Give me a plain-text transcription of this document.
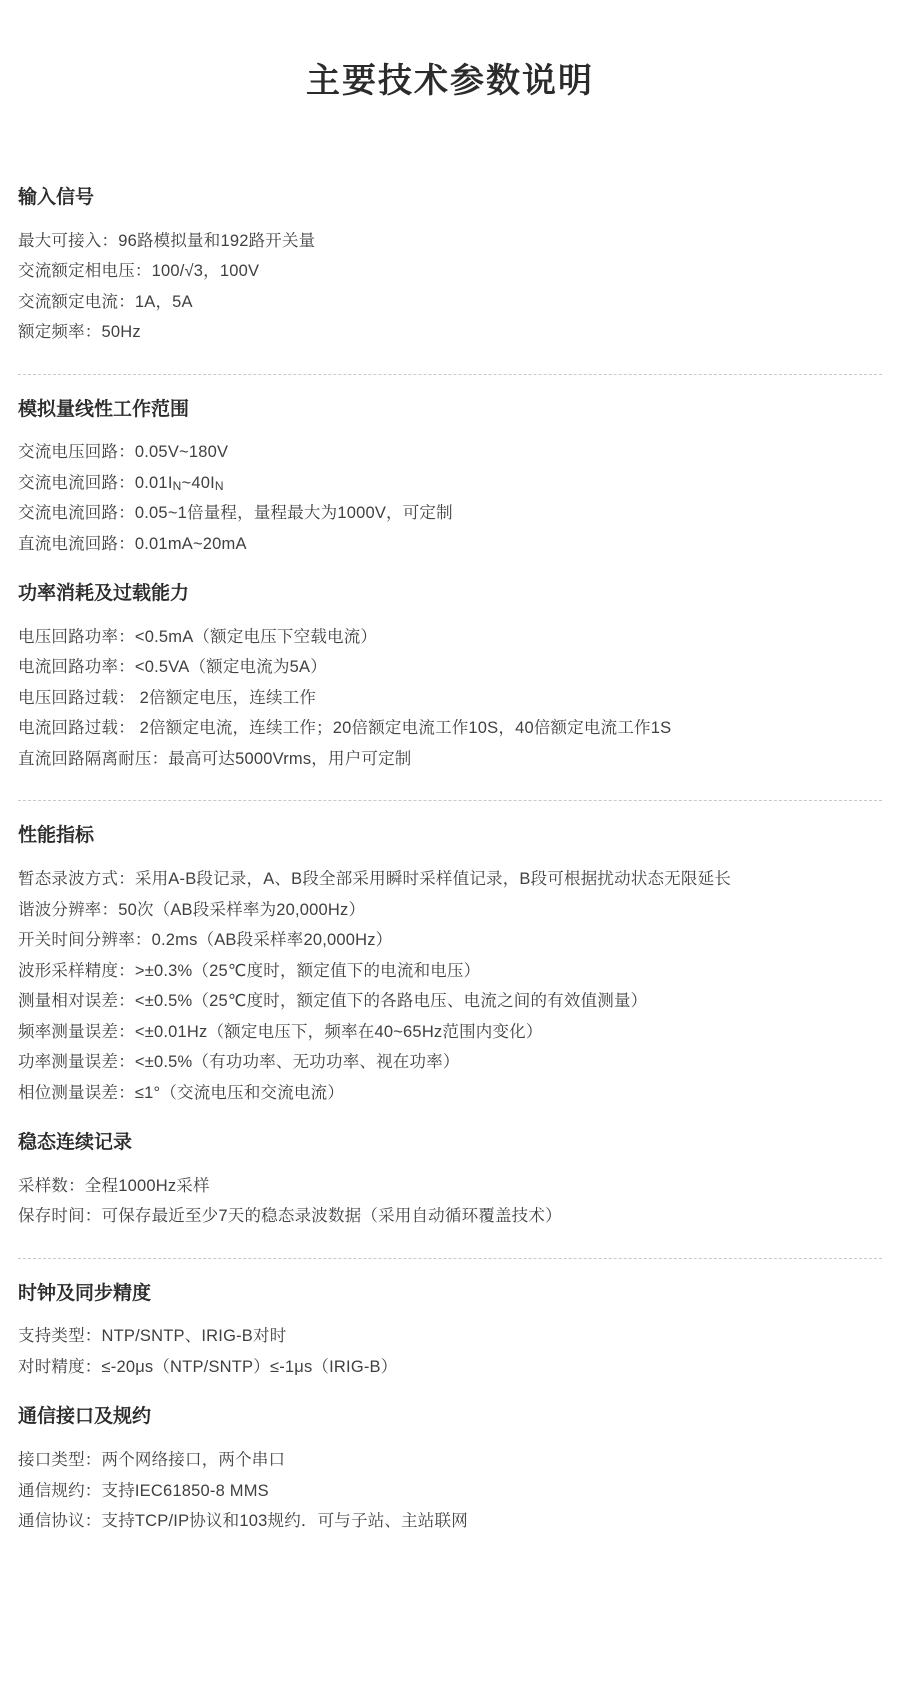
主要技术参数说明
输入信号
最大可接入：96路模拟量和192路开关量
交流额定相电压：100/√3，100V
交流额定电流：1A，5A
额定频率：50Hz
模拟量线性工作范围
交流电压回路：0.05V~180V
交流电流回路：0.01IN~40IN
交流电流回路：0.05~1倍量程，量程最大为1000V，可定制
直流电流回路：0.01mA~20mA
功率消耗及过载能力
电压回路功率：<0.5mA（额定电压下空载电流）
电流回路功率：<0.5VA（额定电流为5A）
电压回路过载： 2倍额定电压，连续工作
电流回路过载： 2倍额定电流，连续工作；20倍额定电流工作10S，40倍额定电流工作1S
直流回路隔离耐压：最高可达5000Vrms，用户可定制
性能指标
暂态录波方式：采用A-B段记录，A、B段全部采用瞬时采样值记录，B段可根据扰动状态无限延长
谐波分辨率：50次（AB段采样率为20,000Hz）
开关时间分辨率：0.2ms（AB段采样率20,000Hz）
波形采样精度：>±0.3%（25℃度时，额定值下的电流和电压）
测量相对误差：<±0.5%（25℃度时，额定值下的各路电压、电流之间的有效值测量）
频率测量误差：<±0.01Hz（额定电压下，频率在40~65Hz范围内变化）
功率测量误差：<±0.5%（有功功率、无功功率、视在功率）
相位测量误差：≤1°（交流电压和交流电流）
稳态连续记录
采样数：全程1000Hz采样
保存时间：可保存最近至少7天的稳态录波数据（采用自动循环覆盖技术）
时钟及同步精度
支持类型：NTP/SNTP、IRIG-B对时
对时精度：≤-20μs（NTP/SNTP）≤-1μs（IRIG-B）
通信接口及规约
接口类型：两个网络接口，两个串口
通信规约：支持IEC61850-8 MMS
通信协议：支持TCP/IP协议和103规约．可与子站、主站联网
